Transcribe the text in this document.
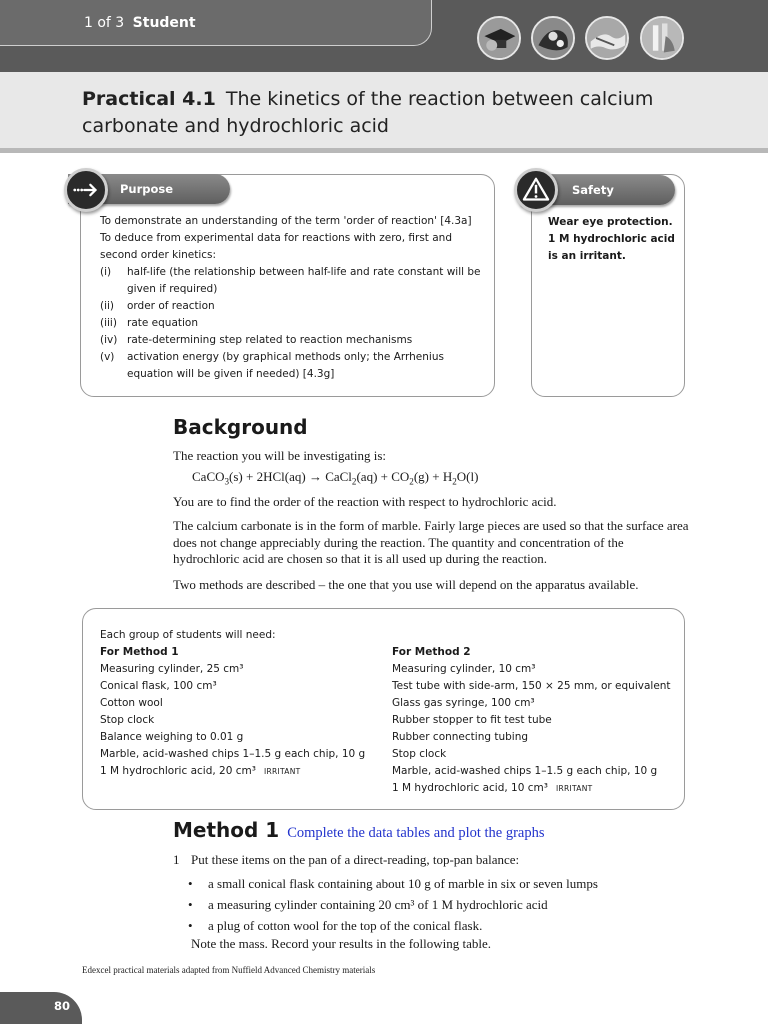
1 of 3 Student
Practical 4.1 The kinetics of the reaction between calcium carbonate and hydrochloric acid
Purpose
To demonstrate an understanding of the term 'order of reaction' [4.3a]
To deduce from experimental data for reactions with zero, first and second order kinetics:
(i)	half-life (the relationship between half-life and rate constant will be given if required)
(ii)	order of reaction
(iii) rate equation
(iv) rate-determining step related to reaction mechanisms
(v)	activation energy (by graphical methods only; the Arrhenius equation will be given if needed) [4.3g]
Safety
Wear eye protection. 1 M hydrochloric acid is an irritant.
Background
The reaction you will be investigating is:
CaCO$_3$(s) + 2HCl(aq) → CaCl$_2$(aq) + $CO_2(g) + H_2O(l)$
You are to find the order of the reaction with respect to hydrochloric acid.
The calcium carbonate is in the form of marble. Fairly large pieces are used so that the surface area does not change appreciably during the reaction. The quantity and concentration of the hydrochloric acid are chosen so that it is all used up during the reaction.
Two methods are described – the one that you use will depend on the apparatus available.
Each group of students will need:
For Method 1
Measuring cylinder, 25 cm³
Conical flask, 100 cm³
Cotton wool
Stop clock
Balance weighing to 0.01 g
Marble, acid-washed chips 1–1.5 g each chip, 10 g
1 M hydrochloric acid, 20 cm³ IRRITANT
For Method 2
Measuring cylinder, 10 cm³
Test tube with side-arm, 150 × 25 mm, or equivalent
Glass gas syringe, 100 cm³
Rubber stopper to fit test tube
Rubber connecting tubing
Stop clock
Marble, acid-washed chips 1–1.5 g each chip, 10 g
1 M hydrochloric acid, 10 cm³ IRRITANT
Method 1 Complete the data tables and plot the graphs
1 Put these items on the pan of a direct-reading, top-pan balance:
•	a small conical flask containing about 10 g of marble in six or seven lumps
•	a measuring cylinder containing 20 cm³ of 1 M hydrochloric acid
•	a plug of cotton wool for the top of the conical flask.
Note the mass. Record your results in the following table.
Edexcel practical materials adapted from Nuffield Advanced Chemistry materials
80
